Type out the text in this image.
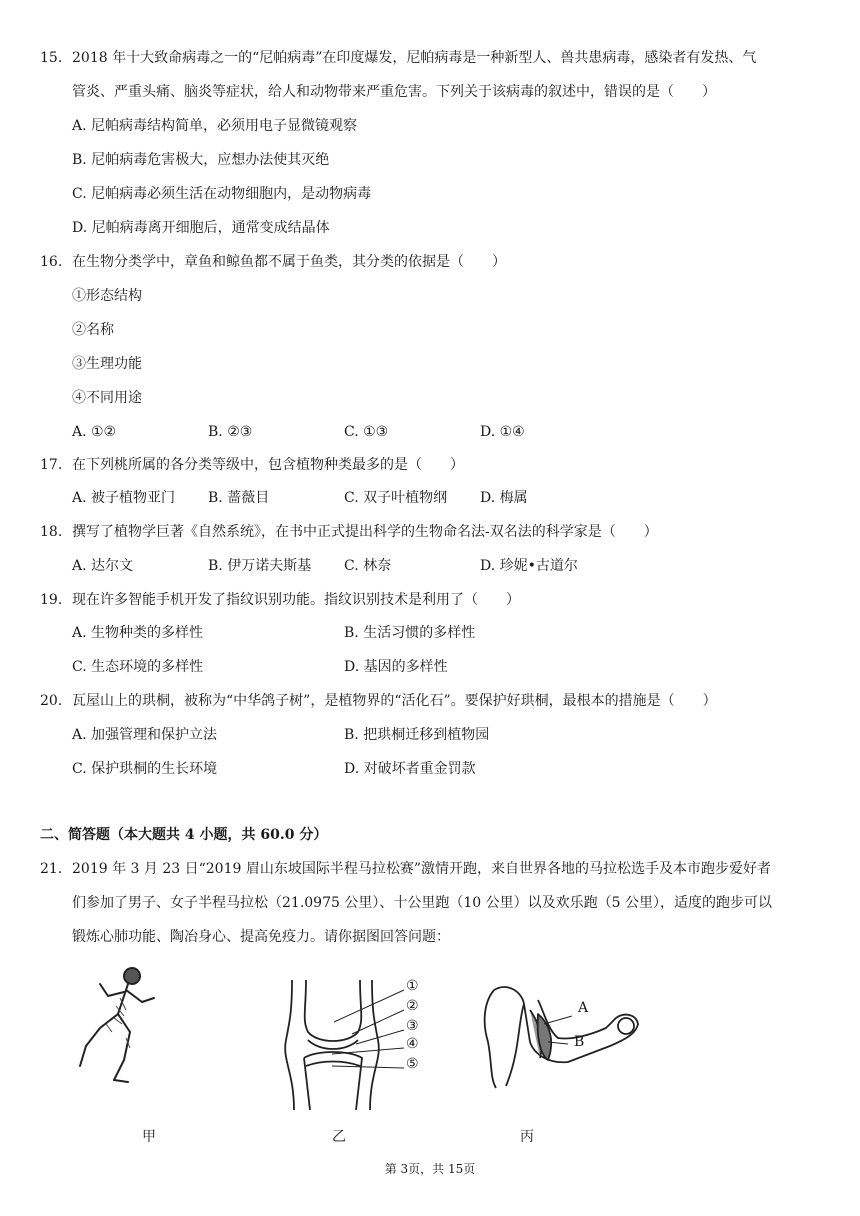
15. 2018 年十大致命病毒之一的“尼帕病毒”在印度爆发，尼帕病毒是一种新型人、兽共患病毒，感染者有发热、气
管炎、严重头痛、脑炎等症状，给人和动物带来严重危害。下列关于该病毒的叙述中，错误的是（　　）
A. 尼帕病毒结构简单，必须用电子显微镜观察
B. 尼帕病毒危害极大，应想办法使其灭绝
C. 尼帕病毒必须生活在动物细胞内，是动物病毒
D. 尼帕病毒离开细胞后，通常变成结晶体
16. 在生物分类学中，章鱼和鲸鱼都不属于鱼类，其分类的依据是（　　）
①形态结构
②名称
③生理功能
④不同用途
A. ①②	B. ②③	C. ①③	D. ①④
17. 在下列桃所属的各分类等级中，包含植物种类最多的是（　　）
A. 被子植物亚门 B. 蔷薇目	C. 双子叶植物纲 D. 梅属
18. 撰写了植物学巨著《自然系统》，在书中正式提出科学的生物命名法-双名法的科学家是（　　）
A. 达尔文	B. 伊万诺夫斯基 C. 林奈	D. 珍妮•古道尔
19. 现在许多智能手机开发了指纹识别功能。指纹识别技术是利用了（　　）
A. 生物种类的多样性	B. 生活习惯的多样性
C. 生态环境的多样性	D. 基因的多样性
20. 瓦屋山上的珙桐，被称为“中华鸽子树”，是植物界的“活化石”。要保护好珙桐，最根本的措施是（　　）
A. 加强管理和保护立法	B. 把珙桐迁移到植物园
C. 保护珙桐的生长环境	D. 对破坏者重金罚款
二、简答题（本大题共 4 小题，共 60.0 分）
21. 2019 年 3 月 23 日“2019 眉山东坡国际半程马拉松赛”激情开跑，来自世界各地的马拉松选手及本市跑步爱好者
们参加了男子、女子半程马拉松（21.0975 公里）、十公里跑（10 公里）以及欢乐跑（5 公里），适度的跑步可以
锻炼心肺功能、陶冶身心、提高免疫力。请你据图回答问题：
甲
①
②
③
④
⑤
乙
A
B
丙
第 3页，共 15页
